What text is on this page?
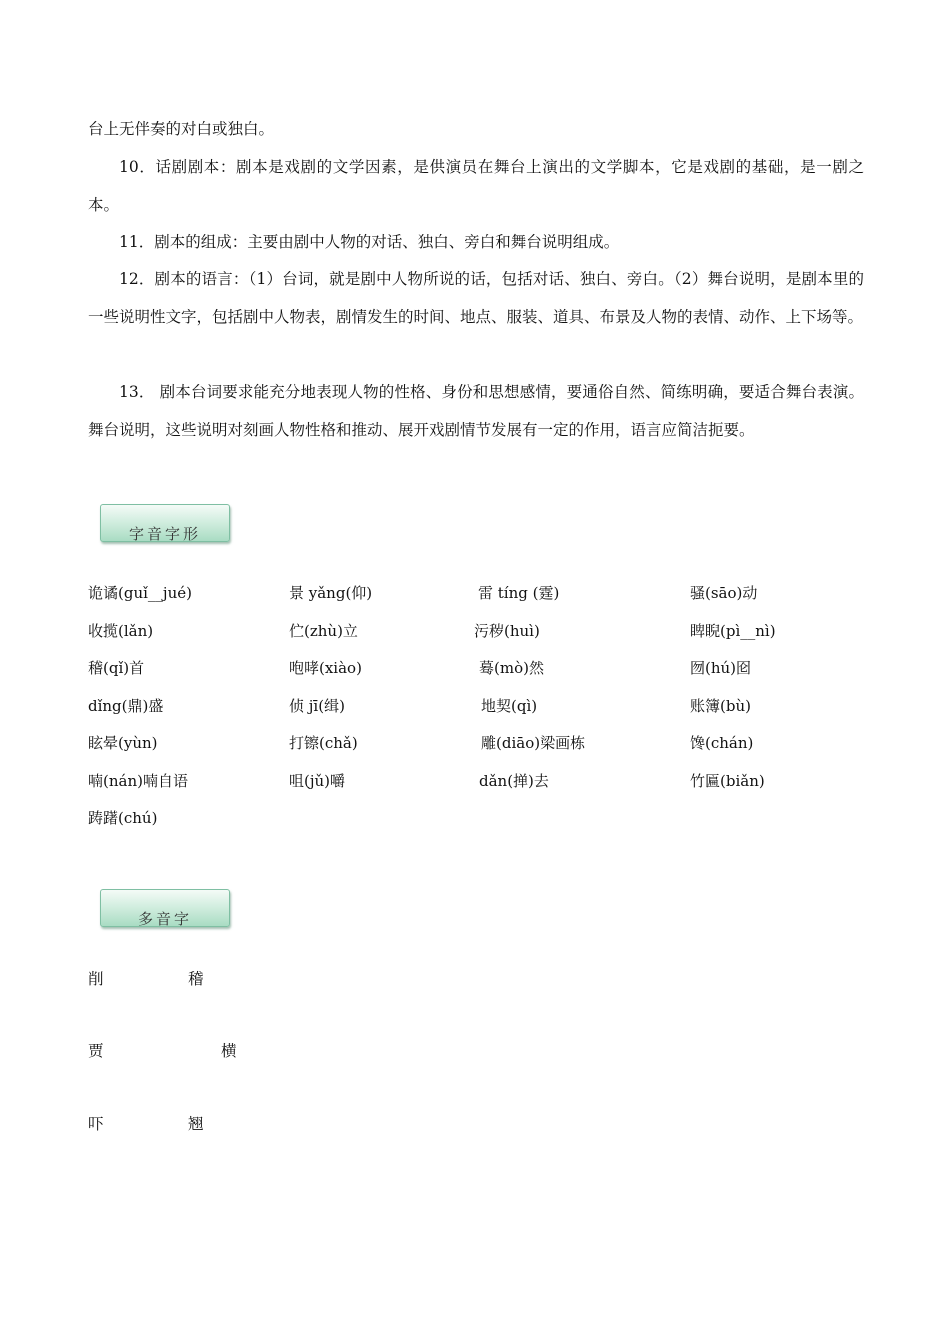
台上无伴奏的对白或独白。

10．话剧剧本：剧本是戏剧的文学因素，是供演员在舞台上演出的文学脚本，它是戏剧的基础，是一剧之本。

11．剧本的组成：主要由剧中人物的对话、独白、旁白和舞台说明组成。

12．剧本的语言：（1）台词，就是剧中人物所说的话，包括对话、独白、旁白。（2）舞台说明，是剧本里的一些说明性文字，包括剧中人物表，剧情发生的时间、地点、服装、道具、布景及人物的表情、动作、上下场等。

13． 剧本台词要求能充分地表现人物的性格、身份和思想感情，要通俗自然、简练明确，要适合舞台表演。 舞台说明，这些说明对刻画人物性格和推动、展开戏剧情节发展有一定的作用，语言应简洁扼要。

字音字形
诡谲(guǐ__jué)	景 yǎng(仰)	雷 tíng (霆)	骚(sāo)动
收揽(lǎn)	伫(zhù)立	污秽(huì)	睥睨(pì__nì)
稽(qǐ)首	咆哮(xiào)	蓦(mò)然	囫(hú)囵
dǐng(鼎)盛	侦 jī(缉)	地契(qì)	账簿(bù)
眩晕(yùn)	打镲(chǎ)	雕(diāo)梁画栋	馋(chán)
喃(nán)喃自语	咀(jǔ)嚼	dǎn(掸)去	竹匾(biǎn)
踌躇(chú)
多音字
削	稽
贾	横
吓	翘
